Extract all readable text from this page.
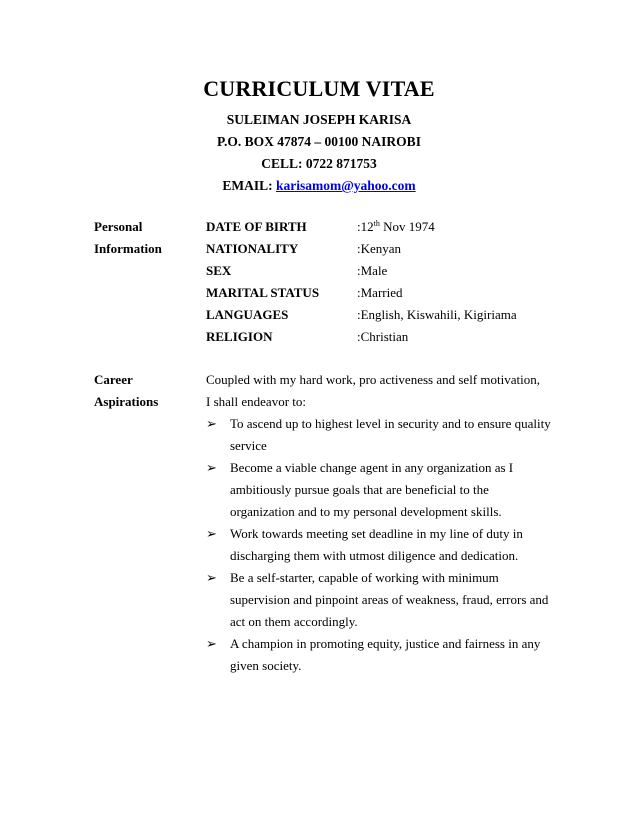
CURRICULUM VITAE
SULEIMAN JOSEPH KARISA
P.O. BOX 47874 – 00100 NAIROBI
CELL: 0722 871753
EMAIL: karisamom@yahoo.com
Personal
Information
DATE OF BIRTH	:12th Nov 1974
NATIONALITY	:Kenyan
SEX	:Male
MARITAL STATUS	:Married
LANGUAGES	:English, Kiswahili, Kigiriama
RELIGION	:Christian
Career
Aspirations
Coupled with my hard work, pro activeness and self motivation,
I shall endeavor to:
➢ To ascend up to highest level in security and to ensure quality
service
➢ Become a viable change agent in any organization as I
ambitiously pursue goals that are beneficial to the
organization and to my personal development skills.
➢ Work towards meeting set deadline in my line of duty in
discharging them with utmost diligence and dedication.
➢ Be a self-starter, capable of working with minimum
supervision and pinpoint areas of weakness, fraud, errors and
act on them accordingly.
➢ A champion in promoting equity, justice and fairness in any
given society.
